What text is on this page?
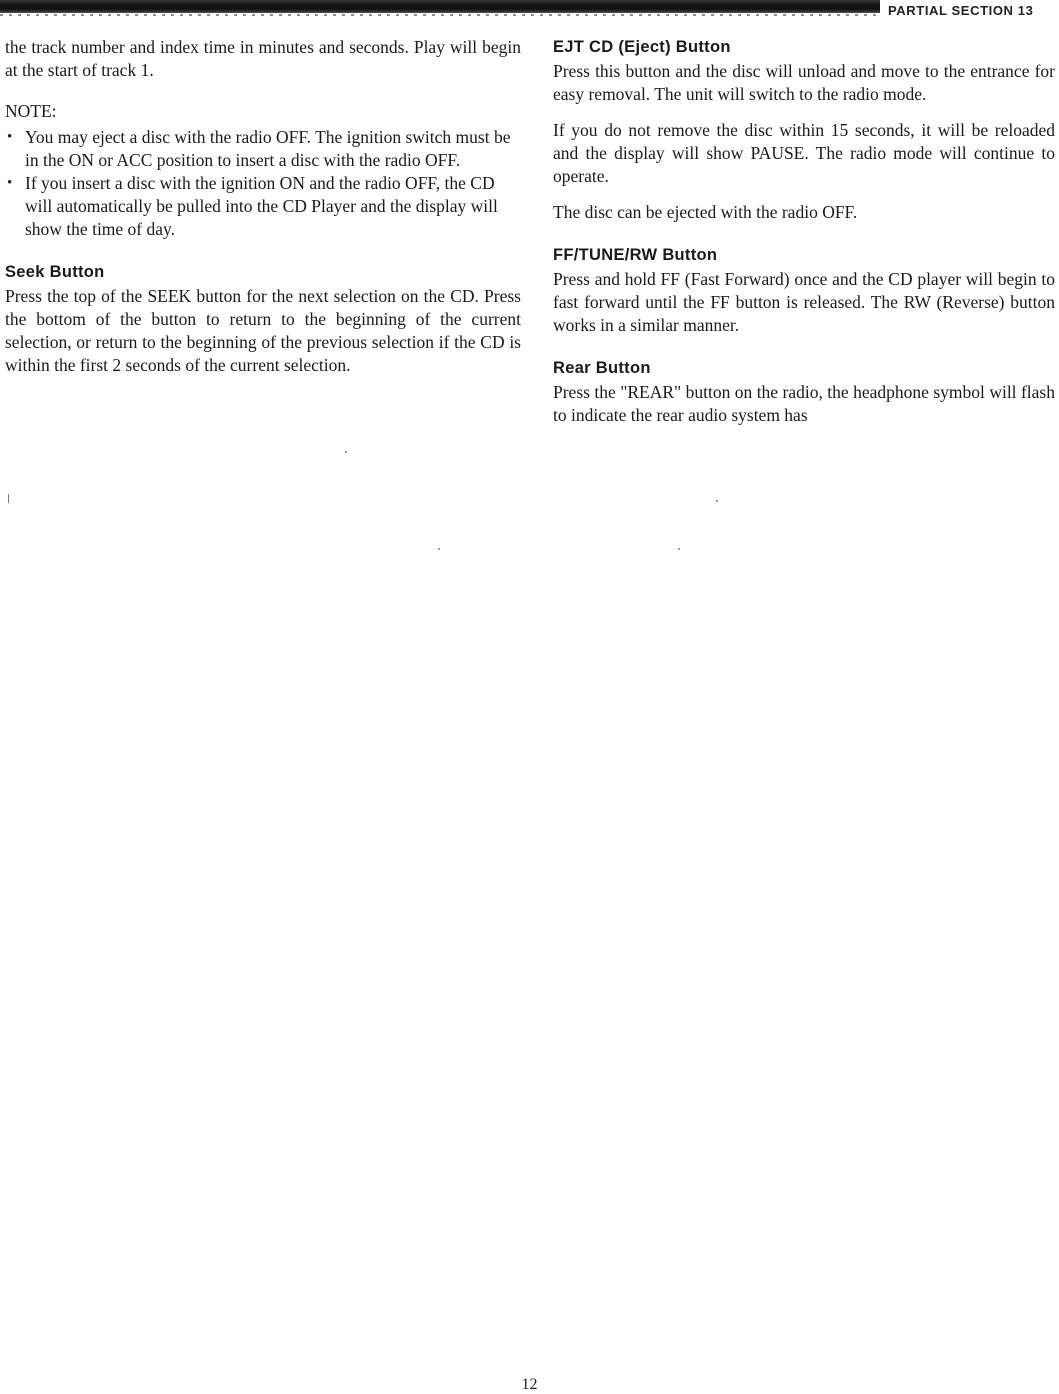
PARTIAL SECTION 13

the track number and index time in minutes and seconds. Play will begin at the start of track 1.

NOTE:

• You may eject a disc with the radio OFF. The ignition switch must be in the ON or ACC position to insert a disc with the radio OFF.
• If you insert a disc with the ignition ON and the radio OFF, the CD will automatically be pulled into the CD Player and the display will show the time of day.
Seek Button

Press the top of the SEEK button for the next selection on the CD. Press the bottom of the button to return to the beginning of the current selection, or return to the beginning of the previous selection if the CD is within the first 2 seconds of the current selection.

EJT CD (Eject) Button

Press this button and the disc will unload and move to the entrance for easy removal. The unit will switch to the radio mode.

If you do not remove the disc within 15 seconds, it will be reloaded and the display will show PAUSE. The radio mode will continue to operate.

The disc can be ejected with the radio OFF.

FF/TUNE/RW Button

Press and hold FF (Fast Forward) once and the CD player will begin to fast forward until the FF button is released. The RW (Reverse) button works in a similar manner.

Rear Button

Press the "REAR" button on the radio, the headphone symbol will flash to indicate the rear audio system has

12
